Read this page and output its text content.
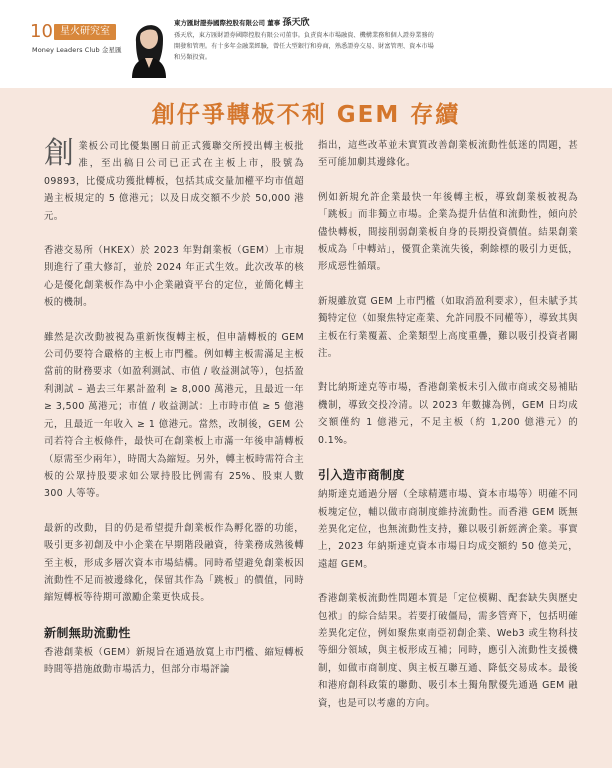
10 星火研究室
Money Leaders Club 金星匯
東方匯財證券國際控股有限公司 董事 孫天欣
孫天欣，東方匯財證券國際控股有限公司董事。負責資本市場融資、機構業務和個人證券業務的開發和管理。有十多年金融業經驗，曾任大型銀行和券商，熟悉證券交易、財富管理、資本市場和另類投資。
創仔爭轉板不利 GEM 存續

創業板公司比優集團日前正式獲聯交所授出轉主板批准，至出稿日公司已正式在主板上市，股號為 09893，比優成功獲批轉板，包括其成交量加權平均市值超過主板規定的 5 億港元；以及日成交額不少於 50,000 港元。

香港交易所（HKEX）於 2023 年對創業板（GEM）上市規則進行了重大修訂，並於 2024 年正式生效。此次改革的核心是優化創業板作為中小企業融資平台的定位，並簡化轉主板的機制。

雖然是次改動被視為重新恢復轉主板，但申請轉板的 GEM 公司仍要符合嚴格的主板上市門檻。例如轉主板需滿足主板當前的財務要求（如盈利測試、市值 / 收益測試等），包括盈利測試 – 過去三年累計盈利 ≥ 8,000 萬港元，且最近一年 ≥ 3,500 萬港元；市值 / 收益測試：上市時市值 ≥ 5 億港元，且最近一年收入 ≥ 1 億港元。當然，改制後，GEM 公司若符合主板條件，最快可在創業板上市滿一年後申請轉板（原需至少兩年），時間大為縮短。另外，轉主板時需符合主板的公眾持股要求如公眾持股比例需有 25%、股東人數 300 人等等。

最新的改動，目的仍是希望提升創業板作為孵化器的功能，吸引更多初創及中小企業在早期階段融資，待業務成熟後轉至主板，形成多層次資本市場結構。同時希望避免創業板因流動性不足而被邊緣化，保留其作為「跳板」的價值，同時縮短轉板等待期可激勵企業更快成長。

新制無助流動性

香港創業板（GEM）新規旨在通過放寬上市門檻、縮短轉板時間等措施啟動市場活力，但部分市場評論

指出，這些改革並未實質改善創業板流動性低迷的問題，甚至可能加劇其邊緣化。

例如新規允許企業最快一年後轉主板，導致創業板被視為「跳板」而非獨立市場。企業為提升估值和流動性，傾向於儘快轉板，間接削弱創業板自身的長期投資價值。結果創業板成為「中轉站」，優質企業流失後，剩餘標的吸引力更低，形成惡性循環。

新規雖放寬 GEM 上市門檻（如取消盈利要求），但未賦予其獨特定位（如聚焦特定產業、允許同股不同權等），導致其與主板在行業覆蓋、企業類型上高度重疊，難以吸引投資者關注。

對比納斯達克等市場，香港創業板未引入做市商或交易補貼機制，導致交投冷清。以 2023 年數據為例，GEM 日均成交額僅約 1 億港元，不足主板（約 1,200 億港元）的 0.1%。

引入造市商制度

納斯達克通過分層（全球精選市場、資本市場等）明確不同板塊定位，輔以做市商制度維持流動性。而香港 GEM 既無差異化定位，也無流動性支持，難以吸引新經濟企業。事實上，2023 年納斯達克資本市場日均成交額約 50 億美元，遠超 GEM。

香港創業板流動性問題本質是「定位模糊、配套缺失與歷史包袱」的綜合結果。若要打破僵局，需多管齊下，包括明確差異化定位，例如聚焦東南亞初創企業、Web3 或生物科技等細分領域，與主板形成互補；同時，應引入流動性支援機制，如做市商制度、與主板互聯互通、降低交易成本。最後和港府創科政策的聯動、吸引本土獨角獸優先通過 GEM 融資，也是可以考慮的方向。
